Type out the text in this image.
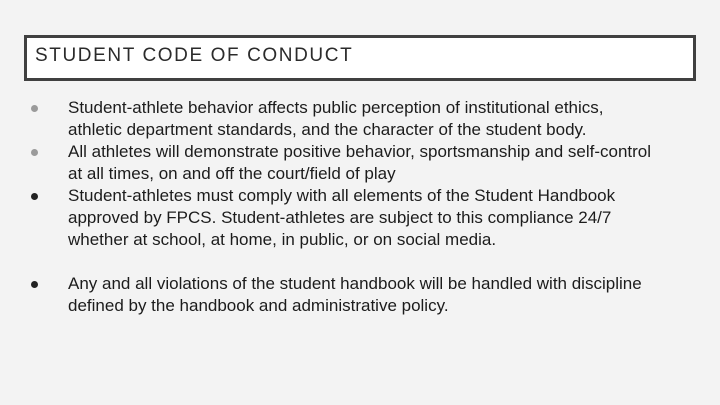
STUDENT CODE OF CONDUCT
Student-athlete behavior affects public perception of institutional ethics,
athletic department standards, and the character of the student body.
All athletes will demonstrate positive behavior, sportsmanship and self-control
at all times, on and off the court/field of play
Student-athletes must comply with all elements of the Student Handbook
approved by FPCS. Student-athletes are subject to this compliance 24/7
whether at school, at home, in public, or on social media.
Any and all violations of the student handbook will be handled with discipline
defined by the handbook and administrative policy.
